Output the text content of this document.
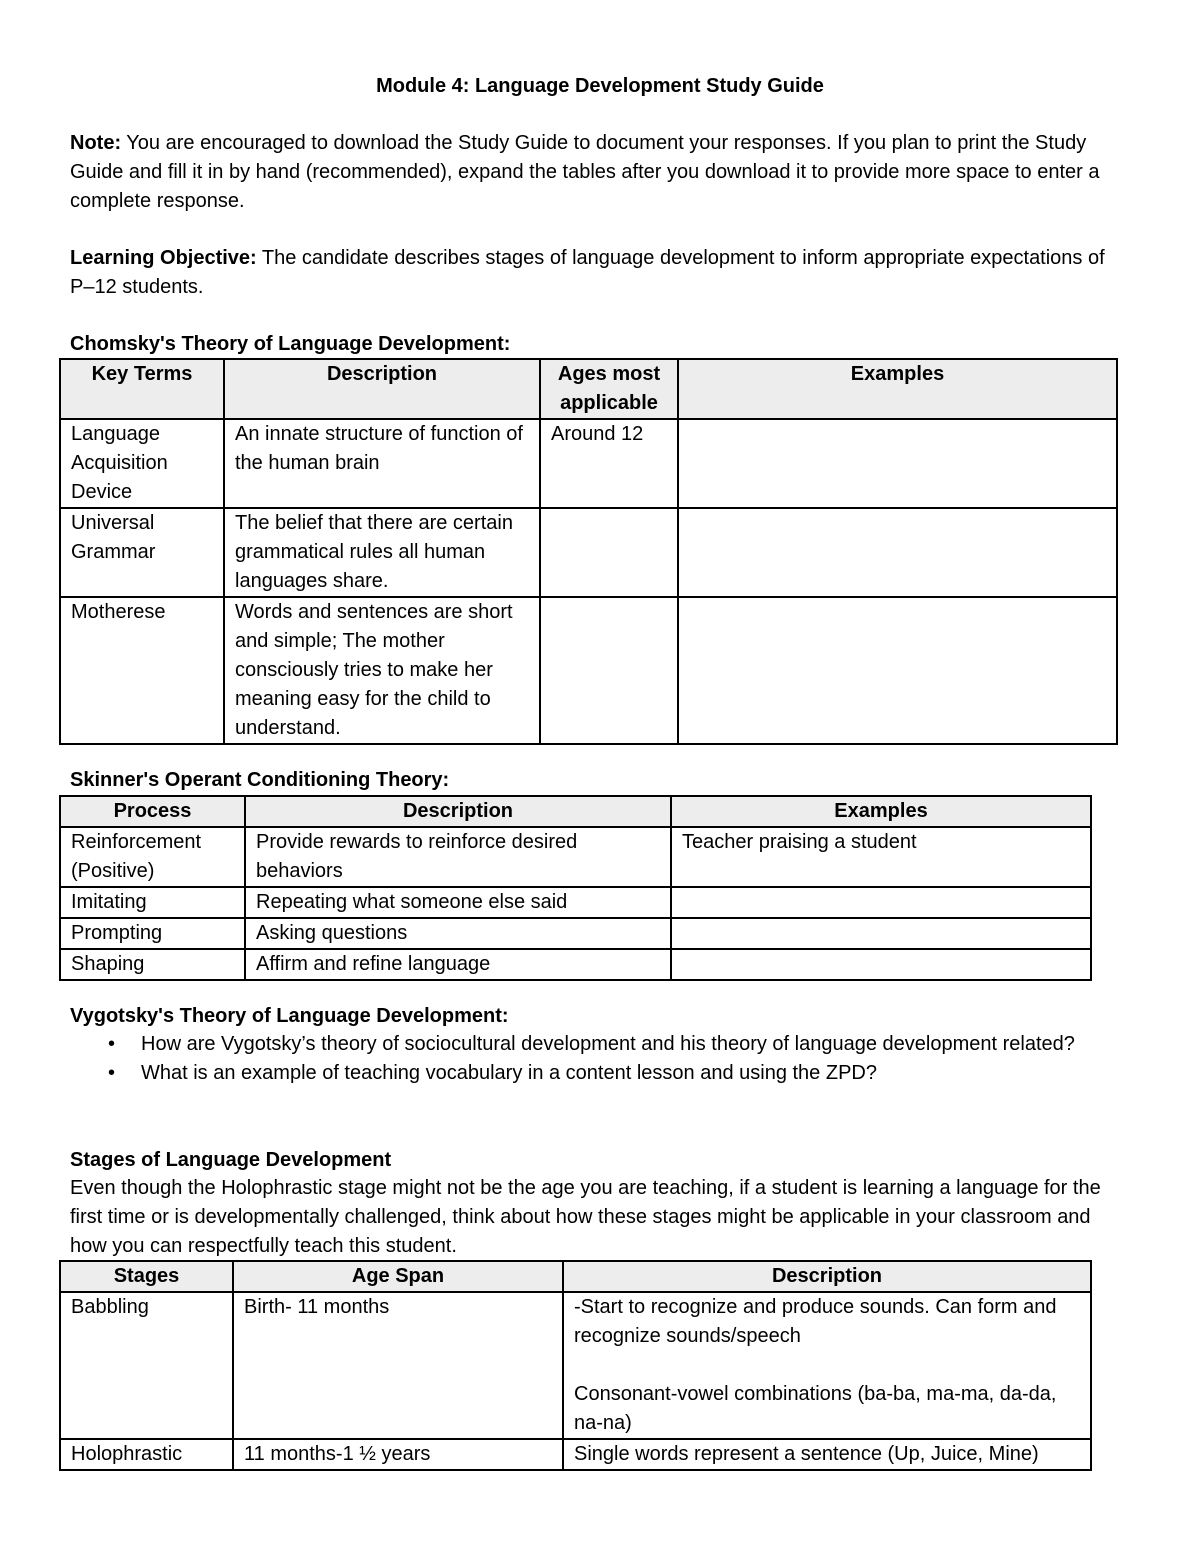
Module 4: Language Development Study Guide
Note: You are encouraged to download the Study Guide to document your responses. If you plan to print the Study Guide and fill it in by hand (recommended), expand the tables after you download it to provide more space to enter a complete response.
Learning Objective: The candidate describes stages of language development to inform appropriate expectations of P–12 students.
Chomsky's Theory of Language Development:
Key Terms	Description	Ages most applicable	Examples
Language Acquisition Device	An innate structure of function of the human brain	Around 12	
Universal Grammar	The belief that there are certain grammatical rules all human languages share.		
Motherese	Words and sentences are short and simple; The mother consciously tries to make her meaning easy for the child to understand.		
Skinner's Operant Conditioning Theory:
Process	Description	Examples
Reinforcement (Positive)	Provide rewards to reinforce desired behaviors	Teacher praising a student
Imitating	Repeating what someone else said	
Prompting	Asking questions	
Shaping	Affirm and refine language	
Vygotsky's Theory of Language Development:
• How are Vygotsky’s theory of sociocultural development and his theory of language development related?
• What is an example of teaching vocabulary in a content lesson and using the ZPD?
Stages of Language Development
Even though the Holophrastic stage might not be the age you are teaching, if a student is learning a language for the first time or is developmentally challenged, think about how these stages might be applicable in your classroom and how you can respectfully teach this student.
Stages	Age Span	Description
Babbling	Birth- 11 months	-Start to recognize and produce sounds. Can form and recognize sounds/speech
Consonant-vowel combinations (ba-ba, ma-ma, da-da, na-na)

Holophrastic	11 months-1 ½ years	Single words represent a sentence (Up, Juice, Mine)
